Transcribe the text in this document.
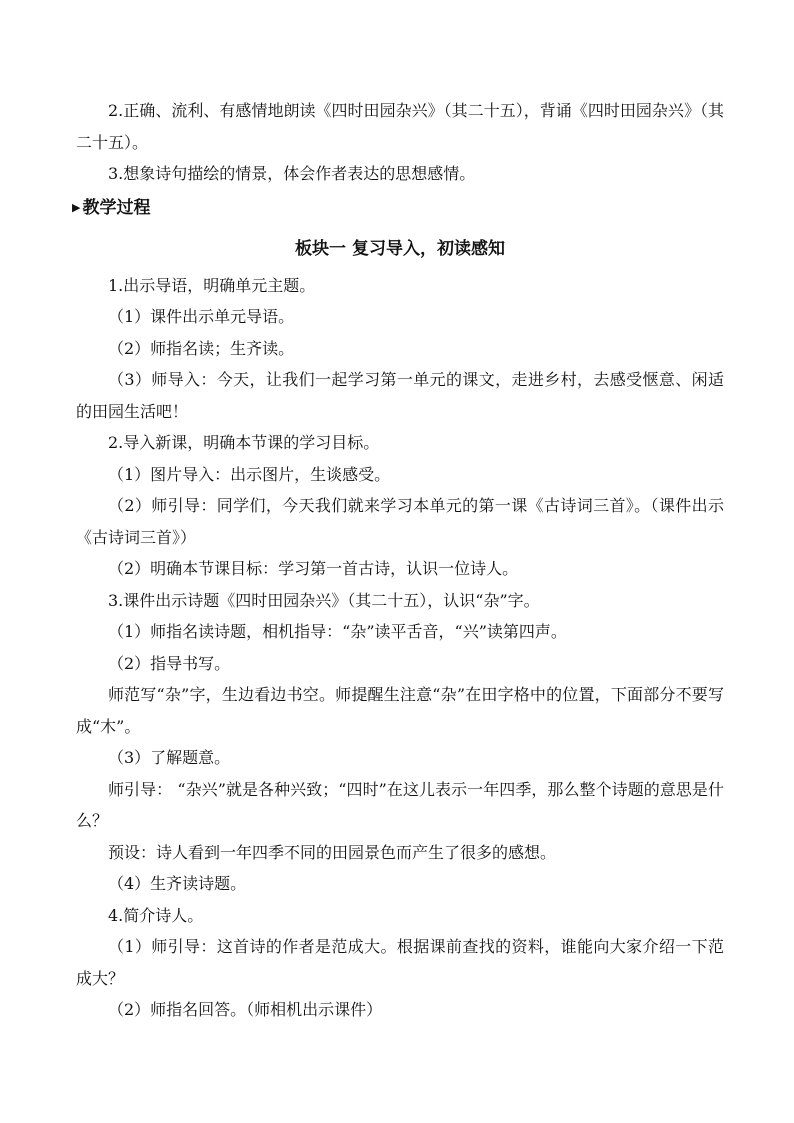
2.正确、流利、有感情地朗读《四时田园杂兴》（其二十五），背诵《四时田园杂兴》（其二十五）。

3.想象诗句描绘的情景，体会作者表达的思想感情。

▶ 教学过程
板块一 复习导入，初读感知

1.出示导语，明确单元主题。

（1）课件出示单元导语。

（2）师指名读；生齐读。

（3）师导入：今天，让我们一起学习第一单元的课文，走进乡村，去感受惬意、闲适的田园生活吧！

2.导入新课，明确本节课的学习目标。

（1）图片导入：出示图片，生谈感受。

（2）师引导：同学们，今天我们就来学习本单元的第一课《古诗词三首》。（课件出示《古诗词三首》）

（2）明确本节课目标：学习第一首古诗，认识一位诗人。

3.课件出示诗题《四时田园杂兴》（其二十五），认识“杂”字。

（1）师指名读诗题，相机指导：“杂”读平舌音，“兴”读第四声。

（2）指导书写。

师范写“杂”字，生边看边书空。师提醒生注意“杂”在田字格中的位置，下面部分不要写成“木”。

（3）了解题意。

师引导： “杂兴”就是各种兴致；“四时”在这儿表示一年四季，那么整个诗题的意思是什么？

预设：诗人看到一年四季不同的田园景色而产生了很多的感想。

（4）生齐读诗题。

4.简介诗人。

（1）师引导：这首诗的作者是范成大。根据课前查找的资料，谁能向大家介绍一下范成大？

（2）师指名回答。（师相机出示课件）
